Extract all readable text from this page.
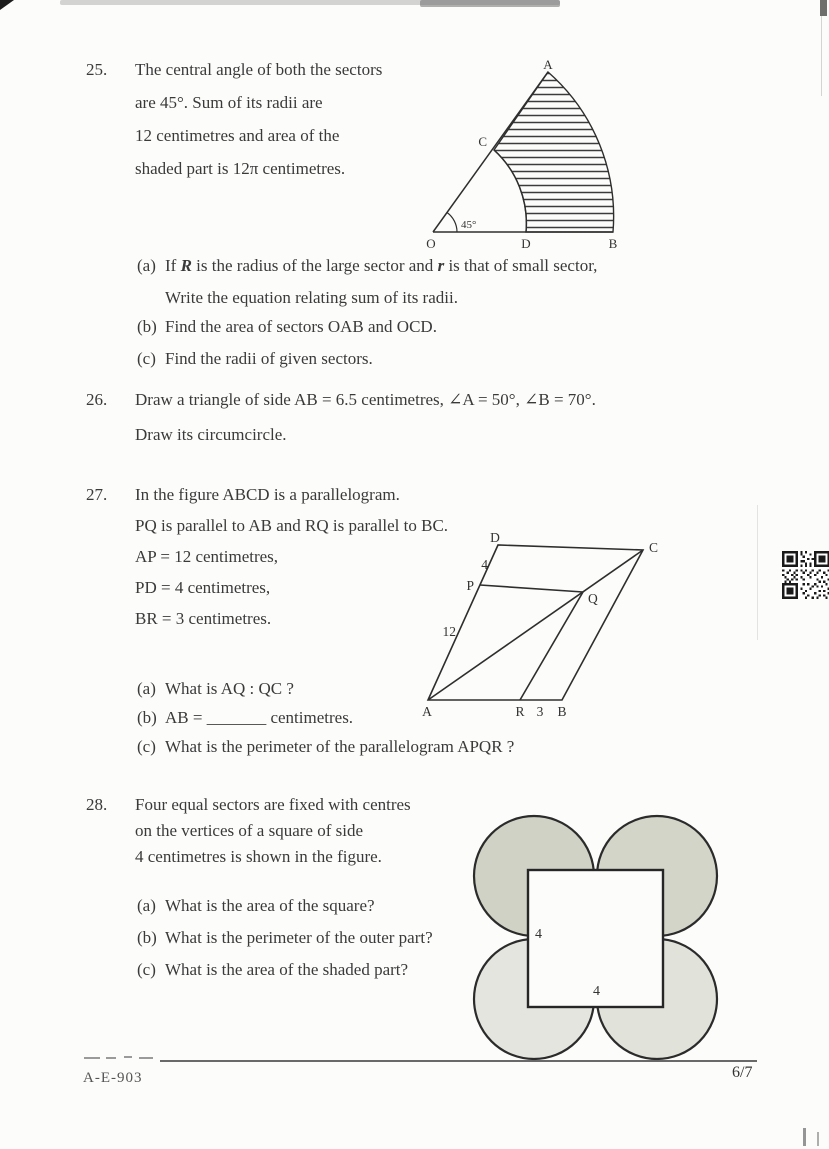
25. The central angle of both the sectors
are 45°. Sum of its radii are
12 centimetres and area of the
shaded part is 12π centimetres.
45°
A
C
O	D	B
(a) If R is the radius of the large sector and r is that of small sector,
Write the equation relating sum of its radii.
(b) Find the area of sectors OAB and OCD.
(c) Find the radii of given sectors.
26. Draw a triangle of side AB = 6.5 centimetres, ∠A = 50°, ∠B = 70°.
Draw its circumcircle.
27. In the figure ABCD is a parallelogram.
PQ is parallel to AB and RQ is parallel to BC.
AP = 12 centimetres,
PD = 4 centimetres,
BR = 3 centimetres.
D
C
4
P
Q
12
A	R 3 B
(a) What is AQ : QC ?
(b) AB = _______ centimetres.
(c) What is the perimeter of the parallelogram APQR ?
28. Four equal sectors are fixed with centres
on the vertices of a square of side
4 centimetres is shown in the figure.
(a) What is the area of the square?
(b) What is the perimeter of the outer part?
(c) What is the area of the shaded part?
4
4
A-E-903	6/7
